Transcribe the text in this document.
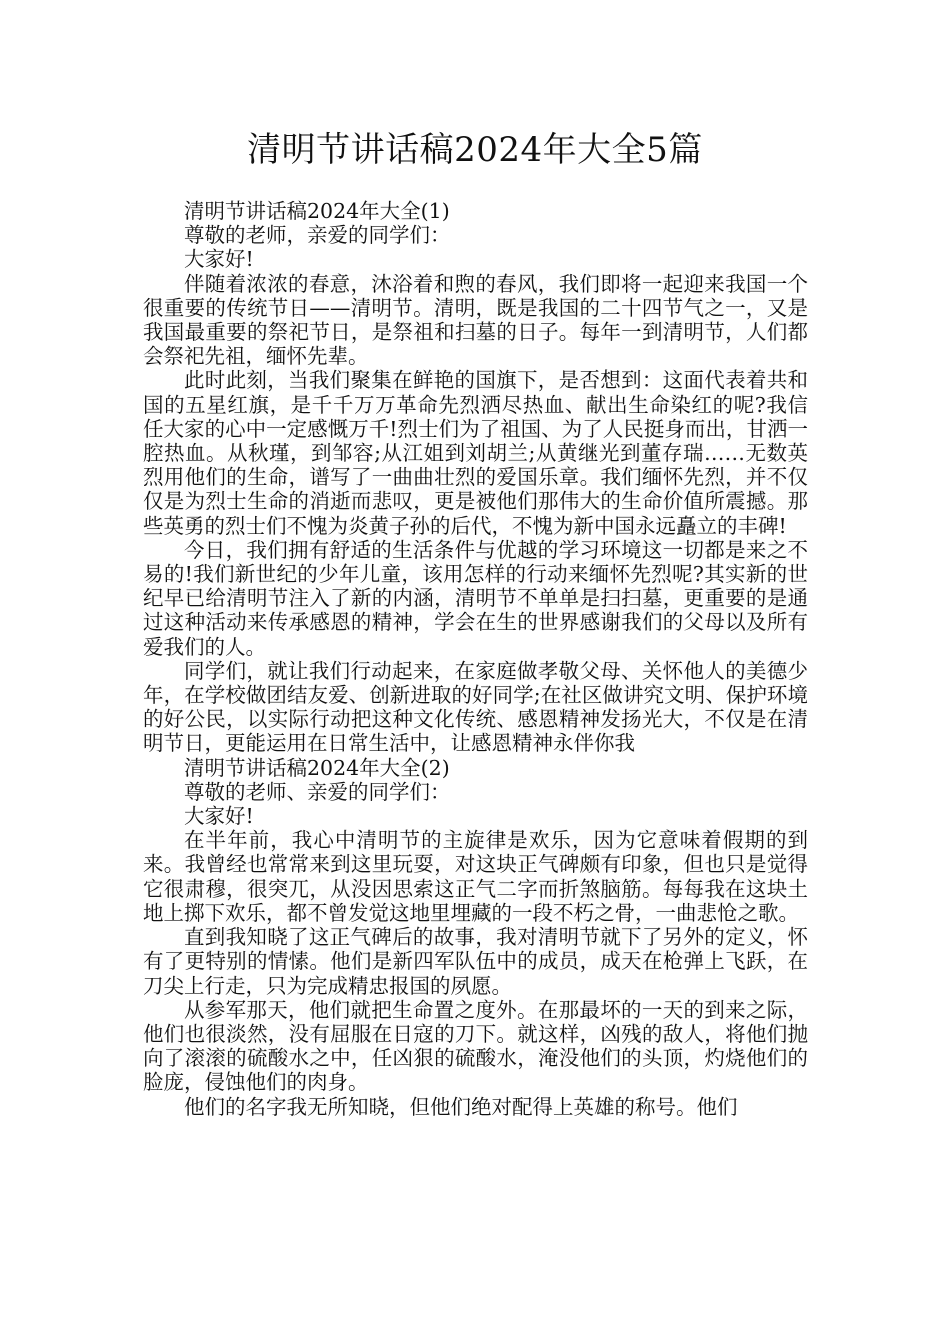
清明节讲话稿2024年大全5篇

清明节讲话稿2024年大全(1)

尊敬的老师，亲爱的同学们：

大家好!

伴随着浓浓的春意，沐浴着和煦的春风，我们即将一起迎来我国一个很重要的传统节日——清明节。清明，既是我国的二十四节气之一，又是我国最重要的祭祀节日，是祭祖和扫墓的日子。每年一到清明节，人们都会祭祀先祖，缅怀先辈。

此时此刻，当我们聚集在鲜艳的国旗下，是否想到：这面代表着共和国的五星红旗，是千千万万革命先烈洒尽热血、献出生命染红的呢?我信任大家的心中一定感慨万千!烈士们为了祖国、为了人民挺身而出，甘洒一腔热血。从秋瑾，到邹容;从江姐到刘胡兰;从黄继光到董存瑞……无数英烈用他们的生命，谱写了一曲曲壮烈的爱国乐章。我们缅怀先烈，并不仅仅是为烈士生命的消逝而悲叹，更是被他们那伟大的生命价值所震撼。那些英勇的烈士们不愧为炎黄子孙的后代，不愧为新中国永远矗立的丰碑!

今日，我们拥有舒适的生活条件与优越的学习环境这一切都是来之不易的!我们新世纪的少年儿童，该用怎样的行动来缅怀先烈呢?其实新的世纪早已给清明节注入了新的内涵，清明节不单单是扫扫墓，更重要的是通过这种活动来传承感恩的精神，学会在生的世界感谢我们的父母以及所有爱我们的人。

同学们，就让我们行动起来，在家庭做孝敬父母、关怀他人的美德少年，在学校做团结友爱、创新进取的好同学;在社区做讲究文明、保护环境的好公民，以实际行动把这种文化传统、感恩精神发扬光大，不仅是在清明节日，更能运用在日常生活中，让感恩精神永伴你我

清明节讲话稿2024年大全(2)

尊敬的老师、亲爱的同学们：

大家好!

在半年前，我心中清明节的主旋律是欢乐，因为它意味着假期的到来。我曾经也常常来到这里玩耍，对这块正气碑颇有印象，但也只是觉得它很肃穆，很突兀，从没因思索这正气二字而折煞脑筋。每每我在这块土地上掷下欢乐，都不曾发觉这地里埋藏的一段不朽之骨，一曲悲怆之歌。

直到我知晓了这正气碑后的故事，我对清明节就下了另外的定义，怀有了更特别的情愫。他们是新四军队伍中的成员，成天在枪弹上飞跃，在刀尖上行走，只为完成精忠报国的夙愿。

从参军那天，他们就把生命置之度外。在那最坏的一天的到来之际，他们也很淡然，没有屈服在日寇的刀下。就这样，凶残的敌人，将他们抛向了滚滚的硫酸水之中，任凶狠的硫酸水，淹没他们的头顶，灼烧他们的脸庞，侵蚀他们的肉身。

他们的名字我无所知晓，但他们绝对配得上英雄的称号。他们
